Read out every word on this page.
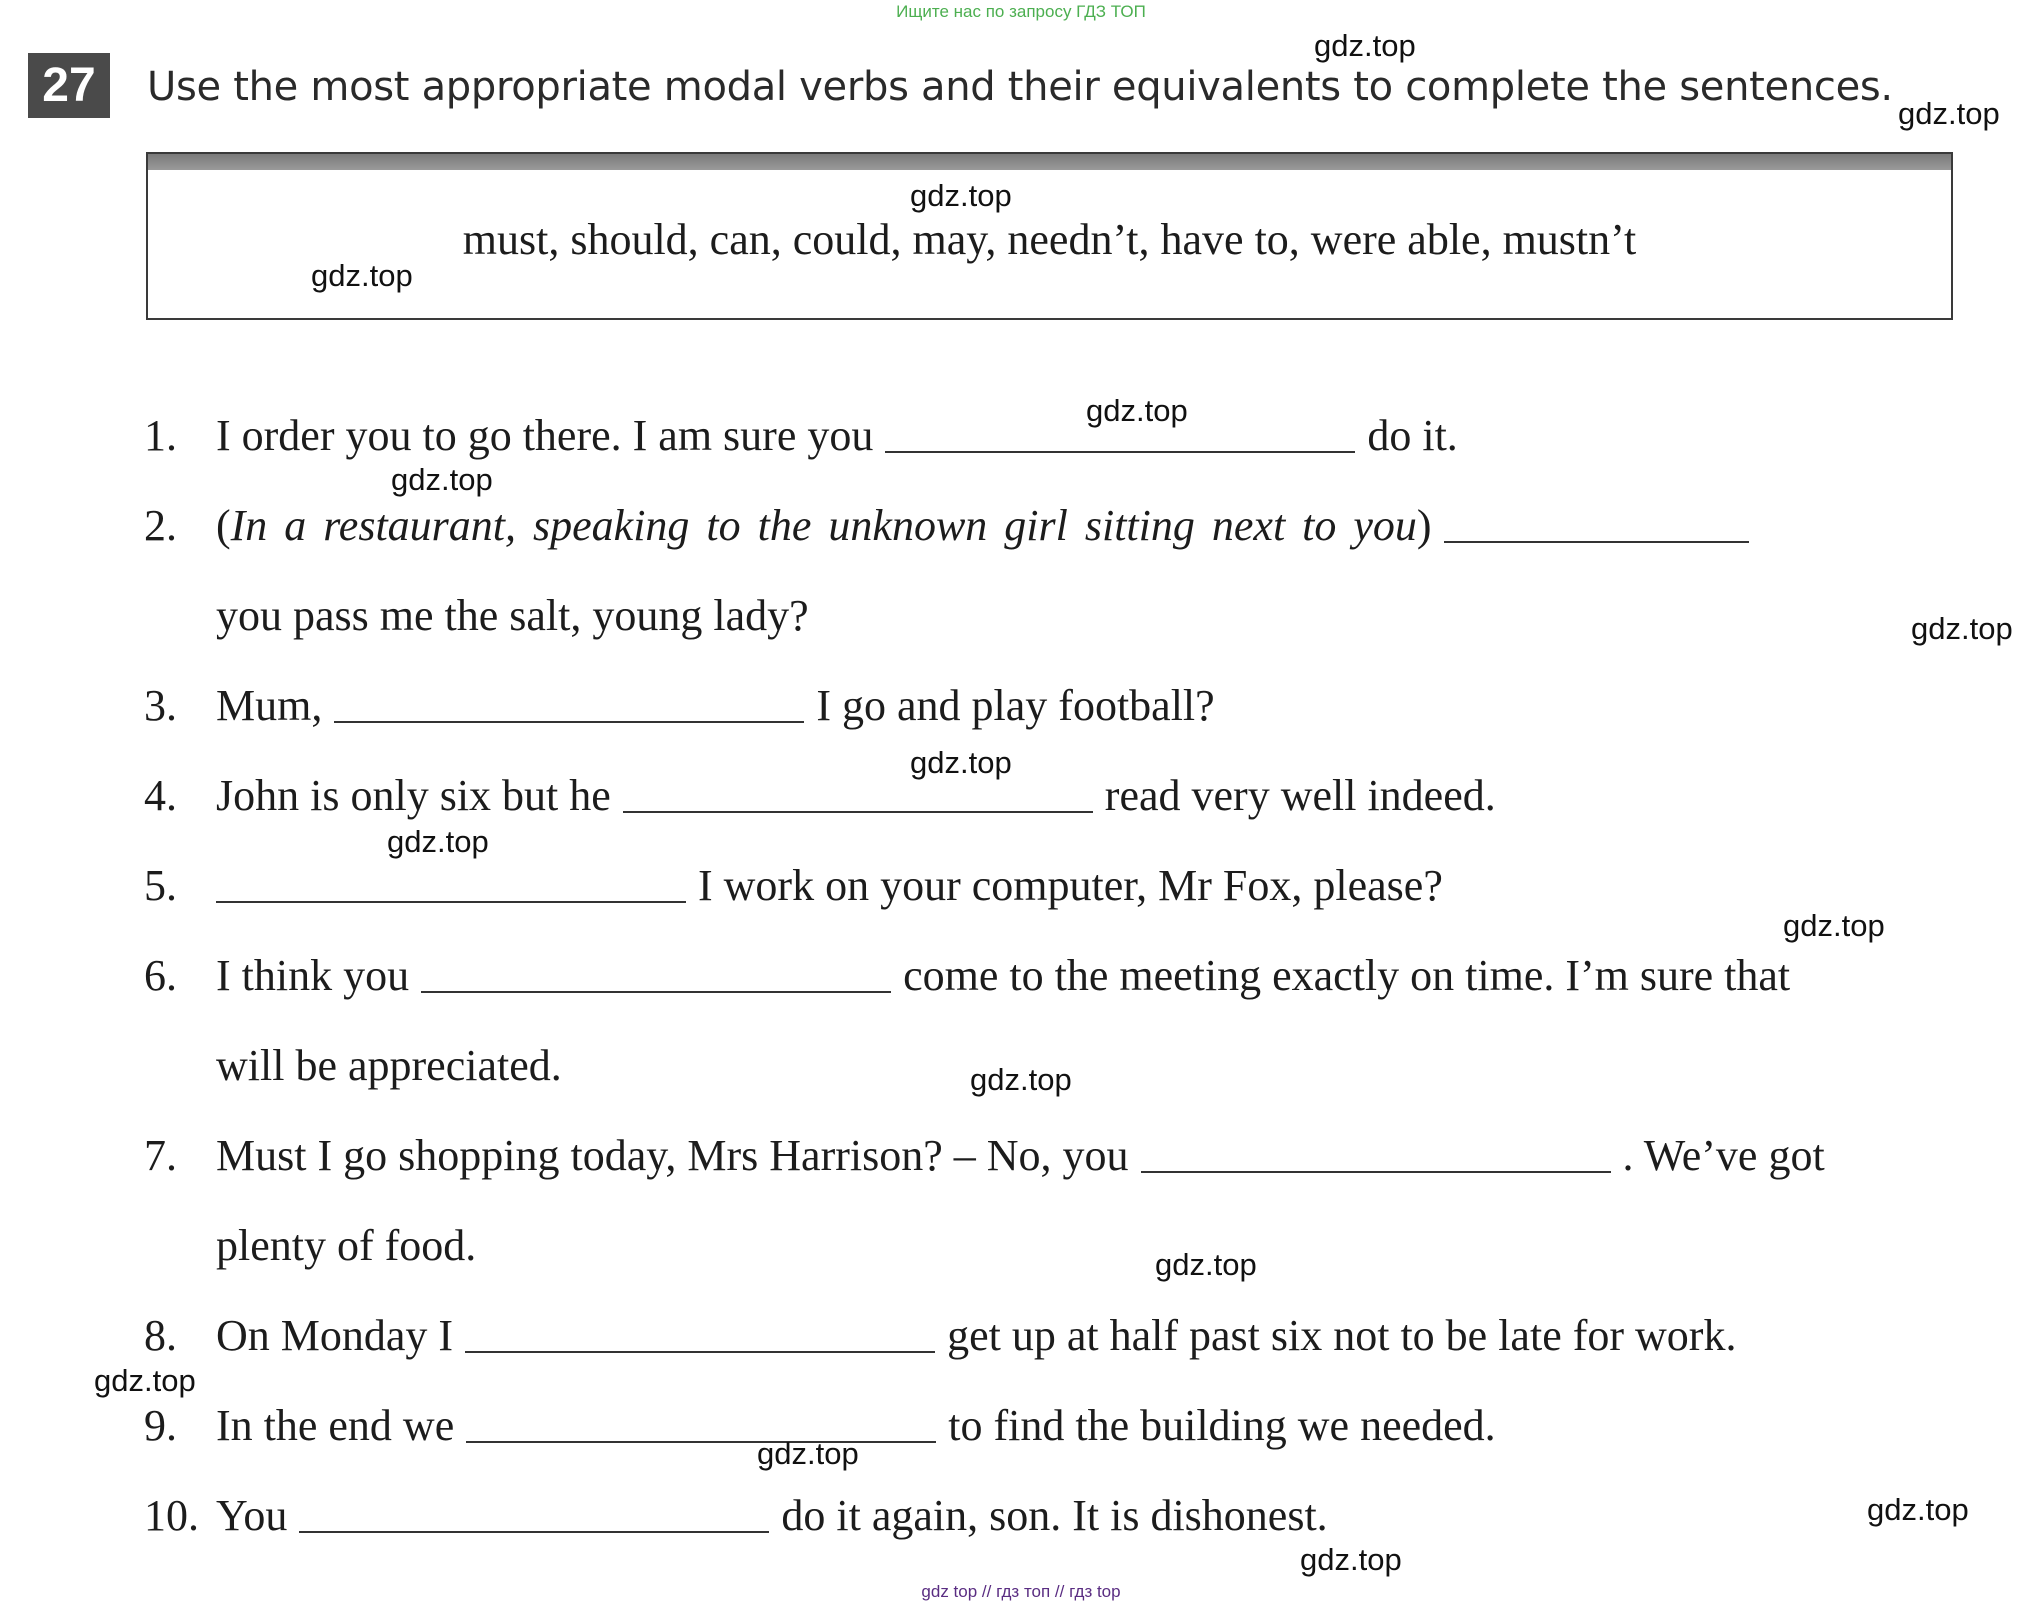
Ищите нас по запросу ГДЗ ТОП
27	Use the most appropriate modal verbs and their equivalents to complete the sentences.
must, should, can, could, may, needn’t, have to, were able, mustn’t
1. I order you to go there. I am sure you	do it.
2. (In a restaurant, speaking to the unknown girl sitting next to you)
you pass me the salt, young lady?
3. Mum,	I go and play football?
4. John is only six but he	read very well indeed.
5.	I work on your computer, Mr Fox, please?
6. I think you	come to the meeting exactly on time. I’m sure that
will be appreciated.
7. Must I go shopping today, Mrs Harrison? – No, you	. We’ve got
plenty of food.
8. On Monday I	get up at half past six not to be late for work.
9. In the end we	to find the building we needed.
10. You	do it again, son. It is dishonest.
gdz.top
gdz.top
gdz.top
gdz.top
gdz.top
gdz.top
gdz.top
gdz.top
gdz.top
gdz.top
gdz.top
gdz.top
gdz.top
gdz.top
gdz.top
gdz.top
gdz top // гдз топ // гдз top
